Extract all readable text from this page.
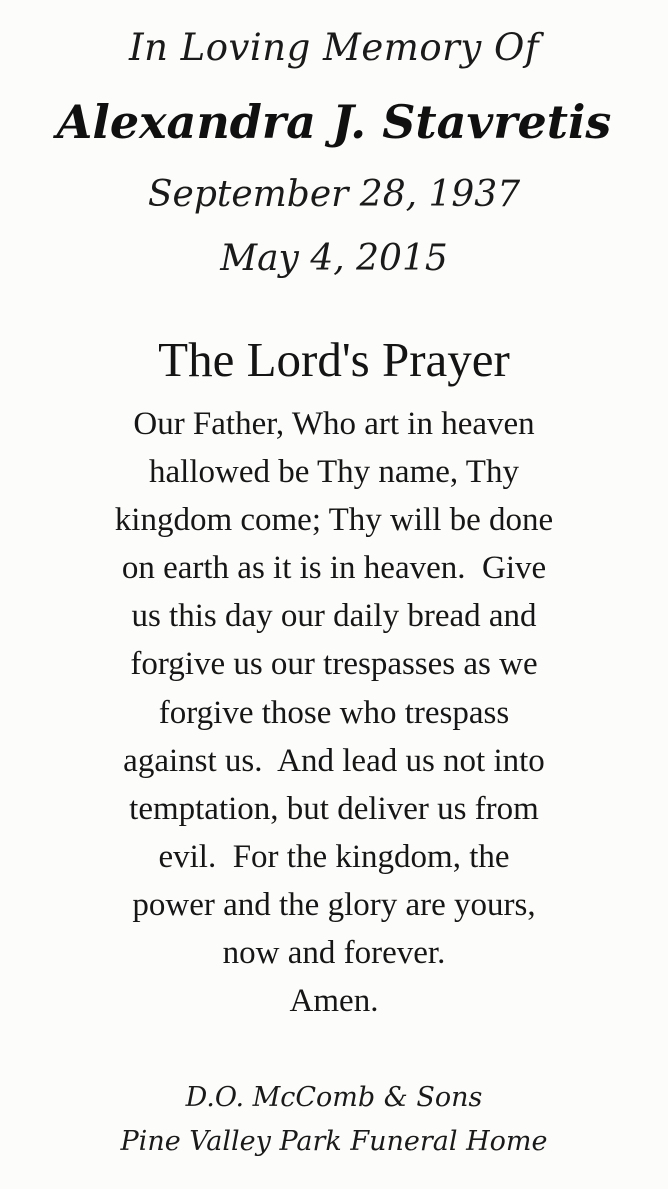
In Loving Memory Of

Alexandra J. Stavretis

September 28, 1937

May 4, 2015

The Lord's Prayer

Our Father, Who art in heaven
hallowed be Thy name, Thy
kingdom come; Thy will be done
on earth as it is in heaven.  Give
us this day our daily bread and
forgive us our trespasses as we
forgive those who trespass
against us.  And lead us not into
temptation, but deliver us from
evil.  For the kingdom, the
power and the glory are yours,
now and forever.
Amen.

D.O. McComb & Sons

Pine Valley Park Funeral Home
